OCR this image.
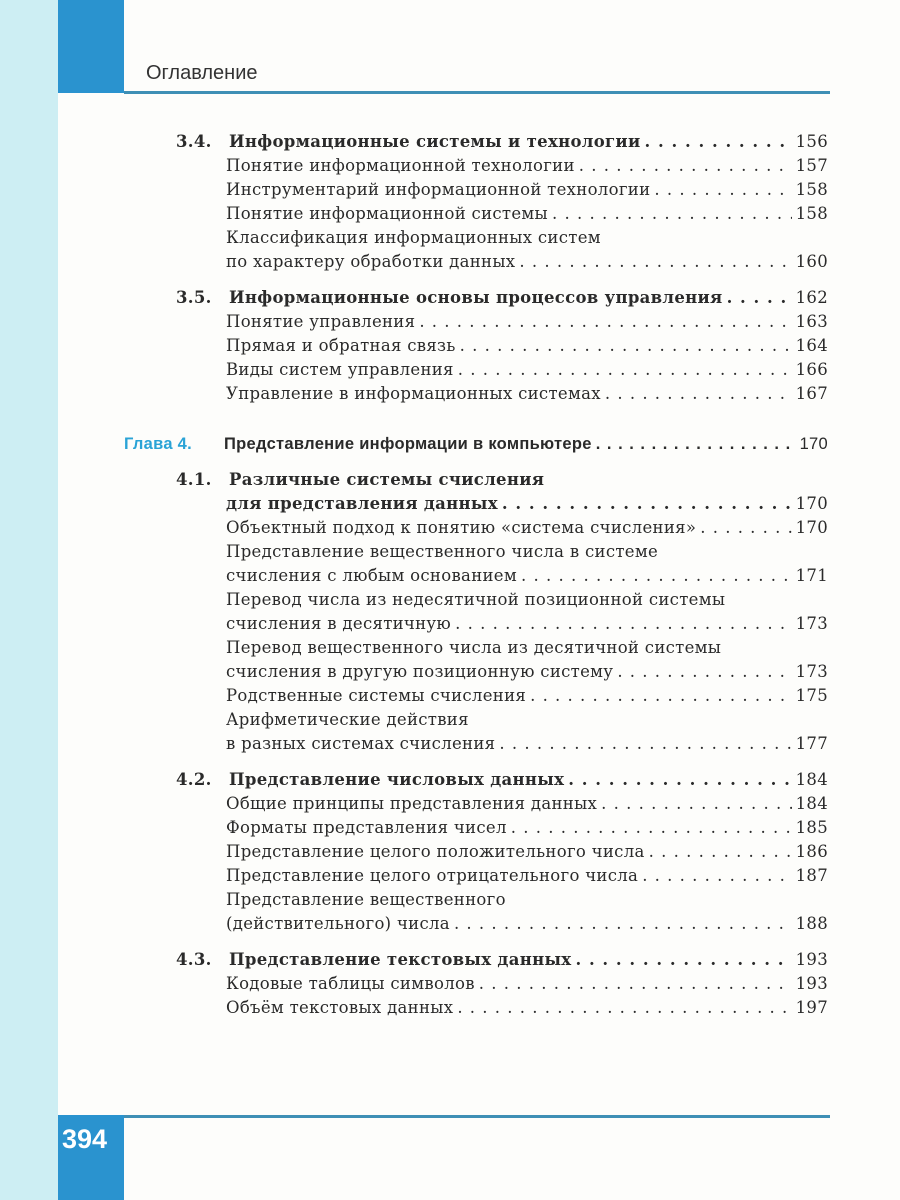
Оглавление
3.4.	Информационные системы и технологии . . .	156
Понятие информационной технологии . . .	157
Инструментарий информационной технологии . . .	158
Понятие информационной системы . . .	158
Классификация информационных систем
по характеру обработки данных . . .	160
3.5.	Информационные основы процессов управления . . .	162
Понятие управления . . .	163
Прямая и обратная связь . . .	164
Виды систем управления . . .	166
Управление в информационных системах . . .	167
Глава 4.	Представление информации в компьютере . . .	170
4.1.	Различные системы счисления
для представления данных . . .	170
Объектный подход к понятию «система счисления» . . .	170
Представление вещественного числа в системе
счисления с любым основанием . . .	171
Перевод числа из недесятичной позиционной системы
счисления в десятичную . . .	173
Перевод вещественного числа из десятичной системы
счисления в другую позиционную систему . . .	173
Родственные системы счисления . . .	175
Арифметические действия
в разных системах счисления . . .	177
4.2.	Представление числовых данных . . .	184
Общие принципы представления данных . . .	184
Форматы представления чисел . . .	185
Представление целого положительного числа . . .	186
Представление целого отрицательного числа . . .	187
Представление вещественного
(действительного) числа . . .	188
4.3.	Представление текстовых данных . . .	193
Кодовые таблицы символов . . .	193
Объём текстовых данных . . .	197
394
